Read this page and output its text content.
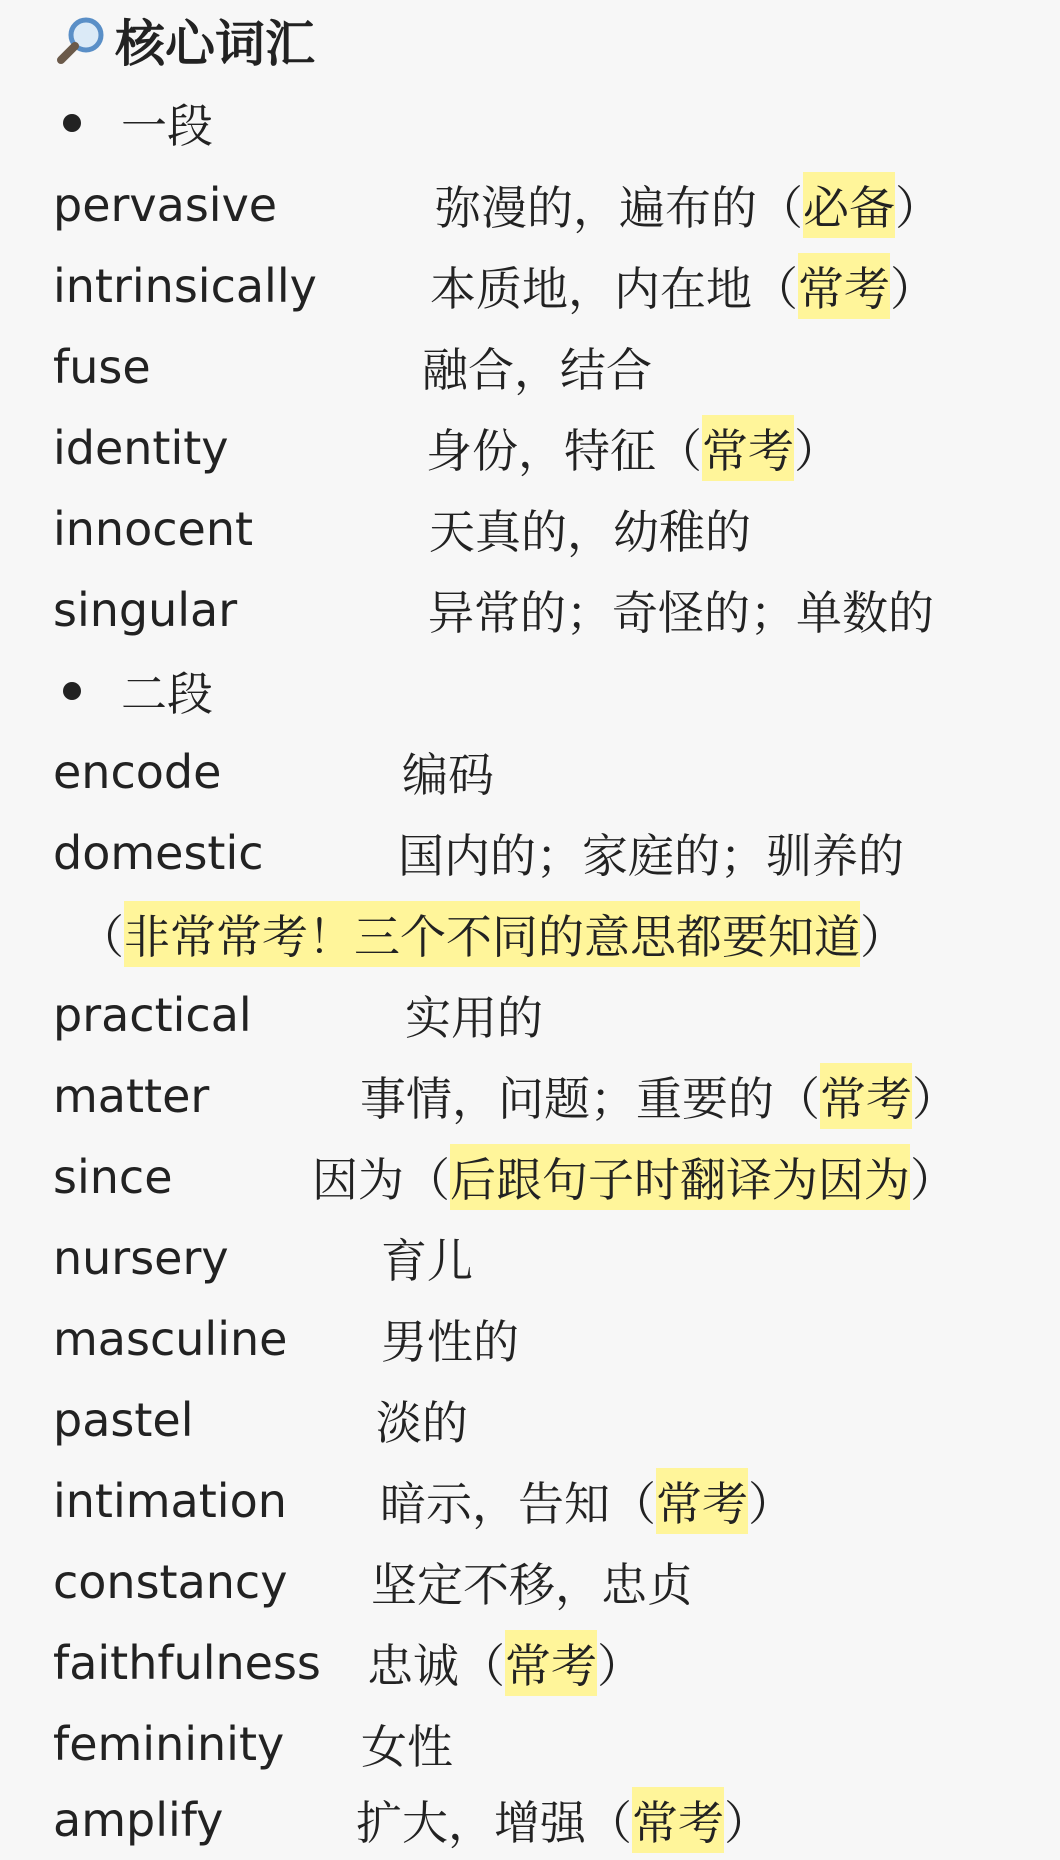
核心词汇
一段
pervasive	弥漫的，遍布的（ 必备 ）
intrinsically 本质地，内在地（ 常考 ）
fuse	融合，结合
identity	身份，特征（ 常考 ）
innocent	天真的，幼稚的
singular	异常的；奇怪的；单数的
二段
encode	编码
domestic	国内的；家庭的；驯养的
（ 非常常考！三个不同的意思都要知道 ）
practical	实用的
matter	事情，问题；重要的（ 常考 ）
since	因为（ 后跟句子时翻译为因为 ）
nursery	育儿
masculine 男性的
pastel	淡的
intimation 暗示，告知（ 常考 ）
constancy 坚定不移，忠贞
faithfulness 忠诚（ 常考 ）
femininity 女性
amplify	扩大，增强（ 常考 ）
